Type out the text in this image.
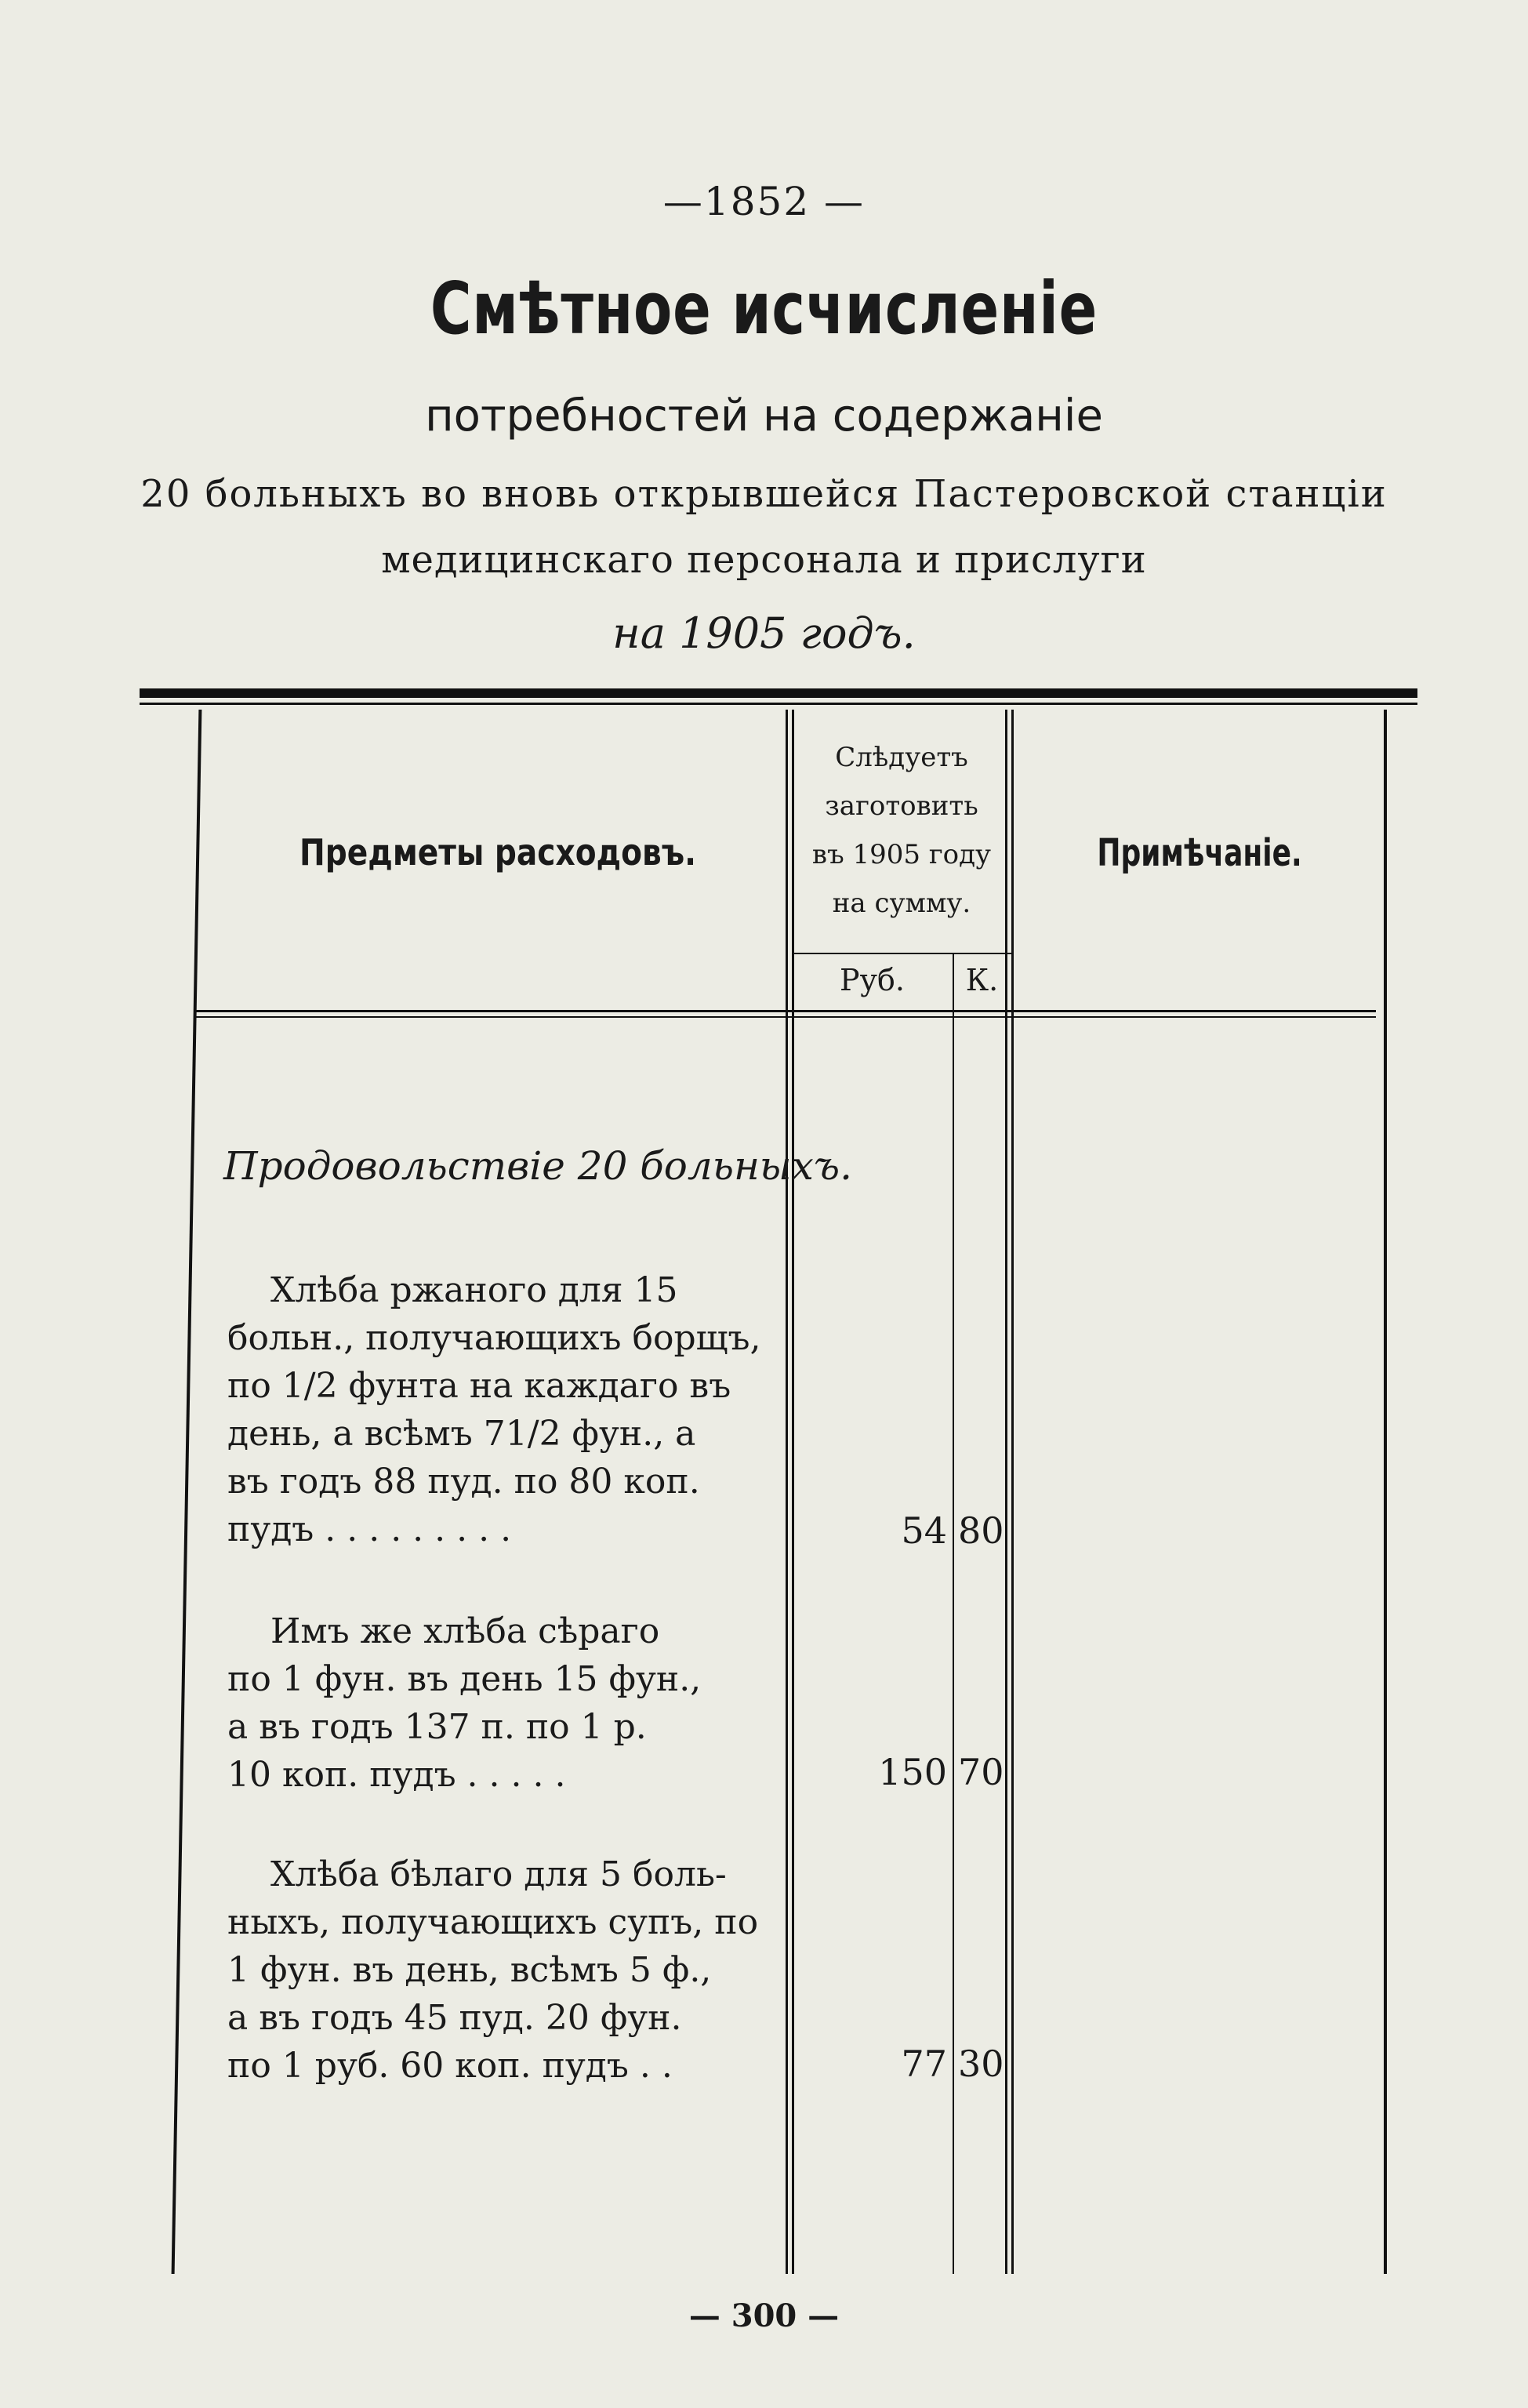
—1852 —
Смѣтное исчисленіе
потребностей на содержаніе
20 больныхъ во вновь открывшейся Пастеровской станціи
медицинскаго персонала и прислуги
на 1905 годъ.
Предметы расходовъ.
Слѣдуетъ
заготовить
въ 1905 году
на сумму.
Примѣчаніе.
Руб.	К.
Продовольствіе 20 больныхъ.
Хлѣба ржаного для 15
больн., получающихъ борщъ,
по 1/2 фунта на каждаго въ
день, а всѣмъ 71/2 фун., а
въ годъ 88 пуд. по 80 коп.
пудъ . . . . . . . . .	54 80
Имъ же хлѣба сѣраго
по 1 фун. въ день 15 фун.,
а въ годъ 137 п. по 1 р.
10 коп. пудъ . . . . .	150 70
Хлѣба бѣлаго для 5 боль-
ныхъ, получающихъ супъ, по
1 фун. въ день, всѣмъ 5 ф.,
а въ годъ 45 пуд. 20 фун.
по 1 руб. 60 коп. пудъ . .	77 30
— 300 —
